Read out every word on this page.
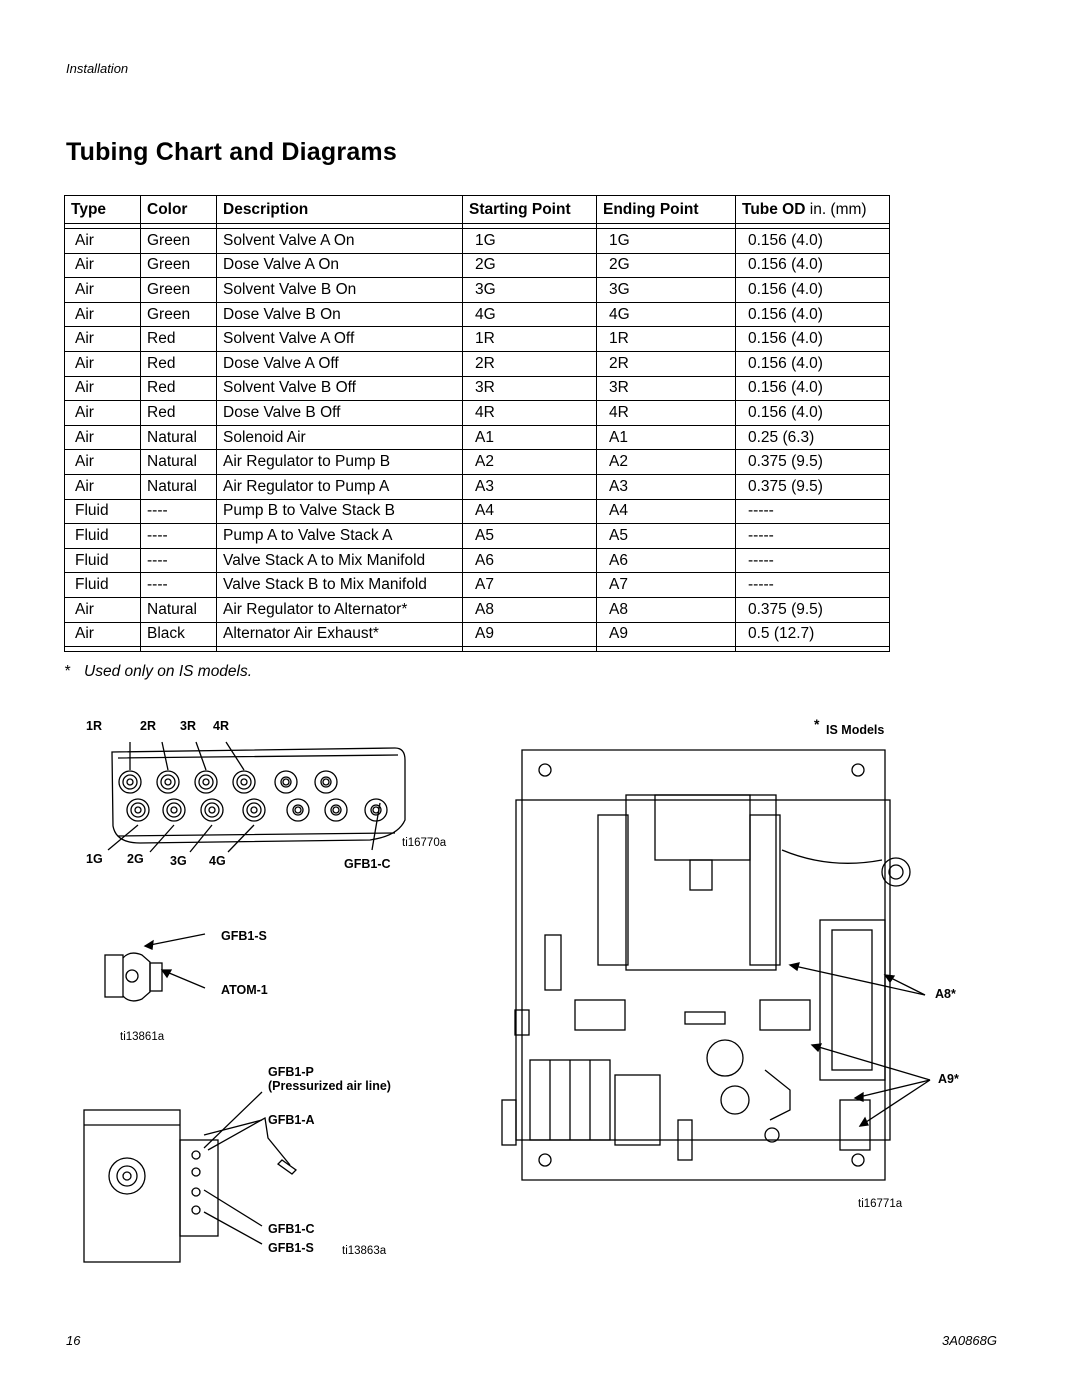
Installation
Tubing Chart and Diagrams
Type	Color	Description	Starting Point	Ending Point	Tube OD in. (mm)

Air	Green	Solvent Valve A On	1G	1G	0.156 (4.0)
Air	Green	Dose Valve A On	2G	2G	0.156 (4.0)
Air	Green	Solvent Valve B On	3G	3G	0.156 (4.0)
Air	Green	Dose Valve B On	4G	4G	0.156 (4.0)
Air	Red	Solvent Valve A Off	1R	1R	0.156 (4.0)
Air	Red	Dose Valve A Off	2R	2R	0.156 (4.0)
Air	Red	Solvent Valve B Off	3R	3R	0.156 (4.0)
Air	Red	Dose Valve B Off	4R	4R	0.156 (4.0)
Air	Natural	Solenoid Air	A1	A1	0.25 (6.3)
Air	Natural	Air Regulator to Pump B	A2	A2	0.375 (9.5)
Air	Natural	Air Regulator to Pump A	A3	A3	0.375 (9.5)
Fluid	----	Pump B to Valve Stack B	A4	A4	-----
Fluid	----	Pump A to Valve Stack A	A5	A5	-----
Fluid	----	Valve Stack A to Mix Manifold	A6	A6	-----
Fluid	----	Valve Stack B to Mix Manifold	A7	A7	-----
Air	Natural	Air Regulator to Alternator*	A8	A8	0.375 (9.5)
Air	Black	Alternator Air Exhaust*	A9	A9	0.5 (12.7)

* Used only on IS models.
1R	2R 3R 4R
1G 2G 3G 4G	GFB1-C
ti16770a
GFB1-S
ATOM-1
ti13861a
GFB1-P
(Pressurized air line)
GFB1-A
GFB1-C
GFB1-S ti13863a
* IS Models
A8*
A9*
ti16771a
16	3A0868G
